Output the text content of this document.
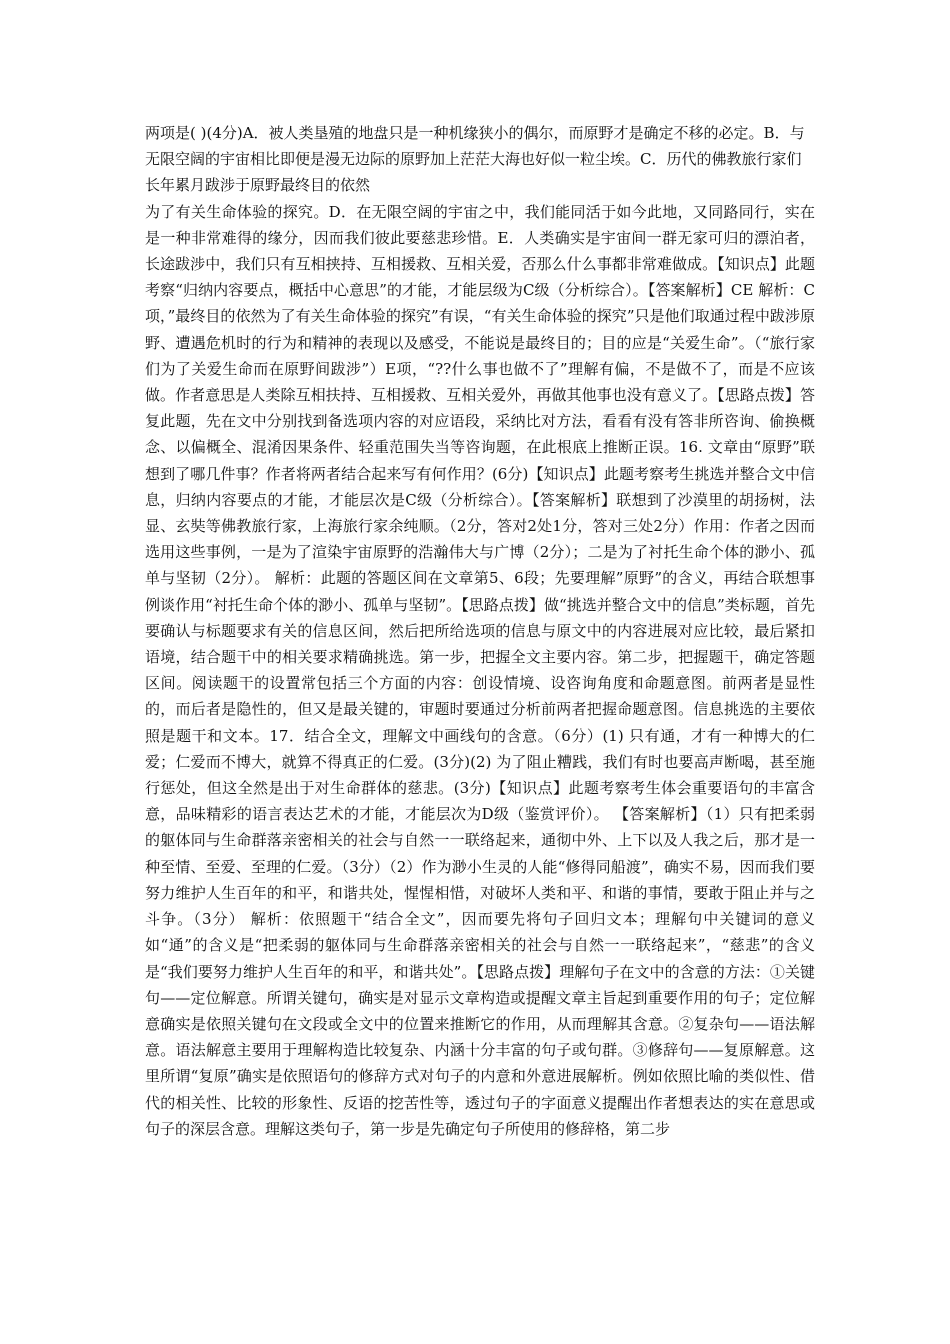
两项是( )(4分)A．被人类垦殖的地盘只是一种机缘狭小的偶尔，而原野才是确定不移的必定。B．与无限空阔的宇宙相比即便是漫无边际的原野加上茫茫大海也好似一粒尘埃。C．历代的佛教旅行家们长年累月跋涉于原野最终目的依然

为了有关生命体验的探究。D．在无限空阔的宇宙之中，我们能同活于如今此地，又同路同行，实在是一种非常难得的缘分，因而我们彼此要慈悲珍惜。E．人类确实是宇宙间一群无家可归的漂泊者，长途跋涉中，我们只有互相挟持、互相援救、互相关爱，否那么什么事都非常难做成。【知识点】此题考察“归纳内容要点，概括中心意思”的才能，才能层级为C级（分析综合）。【答案解析】CE 解析：C项，”最终目的依然为了有关生命体验的探究”有误，“有关生命体验的探究”只是他们取通过程中跋涉原野、遭遇危机时的行为和精神的表现以及感受，不能说是最终目的；目的应是“关爱生命”。（“旅行家们为了关爱生命而在原野间跋涉”）E项，“??什么事也做不了”理解有偏，不是做不了，而是不应该做。作者意思是人类除互相扶持、互相援救、互相关爱外，再做其他事也没有意义了。【思路点拨】答复此题，先在文中分别找到备选项内容的对应语段，采纳比对方法，看看有没有答非所咨询、偷换概念、以偏概全、混淆因果条件、轻重范围失当等咨询题，在此根底上推断正误。16. 文章由“原野”联想到了哪几件事？作者将两者结合起来写有何作用？(6分)【知识点】此题考察考生挑选并整合文中信息，归纳内容要点的才能，才能层次是C级（分析综合）。【答案解析】联想到了沙漠里的胡扬树，法显、玄奘等佛教旅行家，上海旅行家余纯顺。（2分，答对2处1分，答对三处2分）作用：作者之因而选用这些事例，一是为了渲染宇宙原野的浩瀚伟大与广博（2分）；二是为了衬托生命个体的渺小、孤单与坚韧（2分）。 解析：此题的答题区间在文章第5、6段；先要理解”原野”的含义，再结合联想事例谈作用“衬托生命个体的渺小、孤单与坚韧”。【思路点拨】做“挑选并整合文中的信息”类标题，首先要确认与标题要求有关的信息区间，然后把所给选项的信息与原文中的内容进展对应比较，最后紧扣语境，结合题干中的相关要求精确挑选。第一步，把握全文主要内容。第二步，把握题干，确定答题区间。阅读题干的设置常包括三个方面的内容：创设情境、设咨询角度和命题意图。前两者是显性的，而后者是隐性的，但又是最关键的，审题时要通过分析前两者把握命题意图。信息挑选的主要依照是题干和文本。17．结合全文，理解文中画线句的含意。（6分）(1) 只有通，才有一种博大的仁爱；仁爱而不博大，就算不得真正的仁爱。(3分)(2) 为了阻止糟践，我们有时也要高声断喝，甚至施行惩处，但这全然是出于对生命群体的慈悲。(3分)【知识点】此题考察考生体会重要语句的丰富含意，品味精彩的语言表达艺术的才能，才能层次为D级（鉴赏评价）。 【答案解析】（1）只有把柔弱的躯体同与生命群落亲密相关的社会与自然一一联络起来，通彻中外、上下以及人我之后，那才是一种至情、至爱、至理的仁爱。（3分）（2）作为渺小生灵的人能“修得同船渡”，确实不易，因而我们要努力维护人生百年的和平，和谐共处，惺惺相惜，对破坏人类和平、和谐的事情，要敢于阻止并与之斗争。（3分） 解析：依照题干“结合全文”，因而要先将句子回归文本；理解句中关键词的意义如“通”的含义是“把柔弱的躯体同与生命群落亲密相关的社会与自然一一联络起来”，“慈悲”的含义是“我们要努力维护人生百年的和平，和谐共处”。【思路点拨】理解句子在文中的含意的方法：①关键句——定位解意。所谓关键句，确实是对显示文章构造或提醒文章主旨起到重要作用的句子；定位解意确实是依照关键句在文段或全文中的位置来推断它的作用，从而理解其含意。②复杂句——语法解意。语法解意主要用于理解构造比较复杂、内涵十分丰富的句子或句群。③修辞句——复原解意。这里所谓“复原”确实是依照语句的修辞方式对句子的内意和外意进展解析。例如依照比喻的类似性、借代的相关性、比较的形象性、反语的挖苦性等，透过句子的字面意义提醒出作者想表达的实在意思或句子的深层含意。理解这类句子，第一步是先确定句子所使用的修辞格，第二步
